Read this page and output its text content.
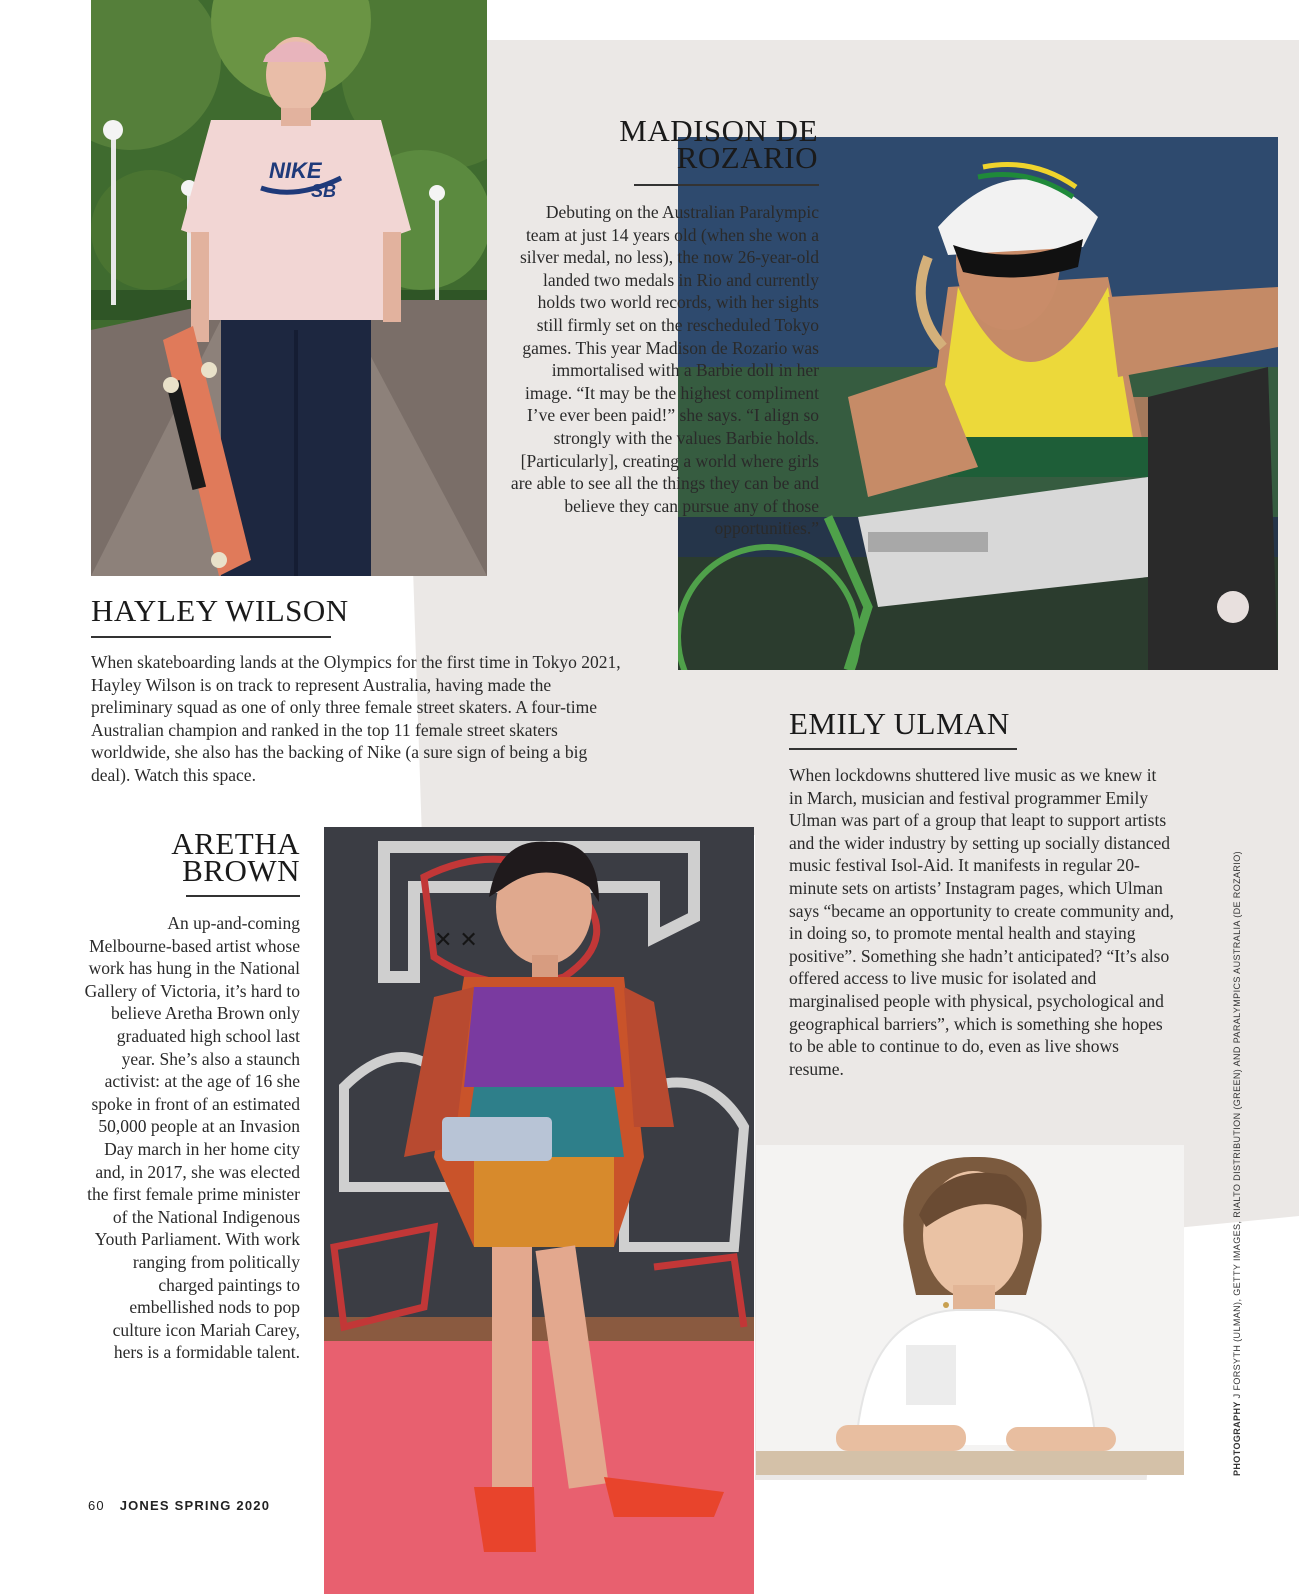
NIKE
SB
✕ ✕
MADISON DE
ROZARIO

Debuting on the Australian Paralympic team at just 14 years old (when she won a silver medal, no less), the now 26-year-old landed two medals in Rio and currently holds two world records, with her sights still firmly set on the rescheduled Tokyo games. This year Madison de Rozario was immortalised with a Barbie doll in her image. “It may be the highest compliment I’ve ever been paid!” she says. “I align so strongly with the values Barbie holds. [Particularly], creating a world where girls are able to see all the things they can be and believe they can pursue any of those opportunities.”

HAYLEY WILSON

When skateboarding lands at the Olympics for the first time in Tokyo 2021, Hayley Wilson is on track to represent Australia, having made the preliminary squad as one of only three female street skaters. A four-time Australian champion and ranked in the top 11 female street skaters worldwide, she also has the backing of Nike (a sure sign of being a big deal). Watch this space.

EMILY ULMAN

When lockdowns shuttered live music as we knew it in March, musician and festival programmer Emily Ulman was part of a group that leapt to support artists and the wider industry by setting up socially distanced music festival Isol-Aid. It manifests in regular 20-minute sets on artists’ Instagram pages, which Ulman says “became an opportunity to create community and, in doing so, to promote mental health and staying positive”. Something she hadn’t anticipated? “It’s also offered access to live music for isolated and marginalised people with physical, psychological and geographical barriers”, which is something she hopes to be able to continue to do, even as live shows resume.

ARETHA
BROWN

An up-and-coming Melbourne-based artist whose work has hung in the National Gallery of Victoria, it’s hard to believe Aretha Brown only graduated high school last year. She’s also a staunch activist: at the age of 16 she spoke in front of an estimated 50,000 people at an Invasion Day march in her home city and, in 2017, she was elected the first female prime minister of the National Indigenous Youth Parliament. With work ranging from politically charged paintings to embellished nods to pop culture icon Mariah Carey, hers is a formidable talent.

60 JONES SPRING 2020
PHOTOGRAPHY J FORSYTH (ULMAN), GETTY IMAGES, RIALTO DISTRIBUTION (GREEN) AND PARALYMPICS AUSTRALIA (DE ROZARIO)
